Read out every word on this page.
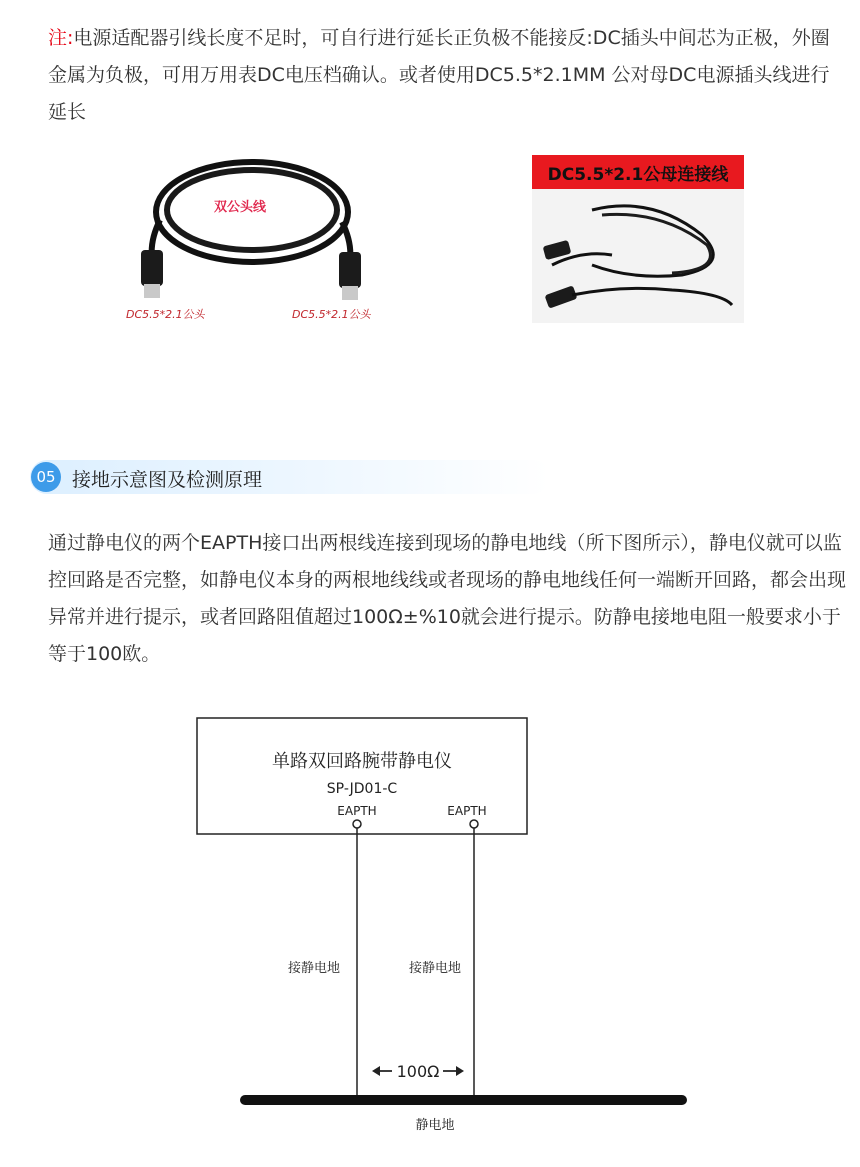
注:电源适配器引线长度不足时，可自行进行延长正负极不能接反:DC插头中间芯为正极，外圈金属为负极，可用万用表DC电压档确认。或者使用DC5.5*2.1MM 公对母DC电源插头线进行延长
双公头线
DC5.5*2.1公头	DC5.5*2.1公头
DC5.5*2.1公母连接线
05 接地示意图及检测原理
通过静电仪的两个EAPTH接口出两根线连接到现场的静电地线（所下图所示），静电仪就可以监控回路是否完整，如静电仪本身的两根地线线或者现场的静电地线任何一端断开回路，都会出现异常并进行提示，或者回路阻值超过100Ω±%10就会进行提示。防静电接地电阻一般要求小于等于100欧。
单路双回路腕带静电仪
SP-JD01-C
EAPTH	EAPTH
接静电地	接静电地
100Ω
静电地
